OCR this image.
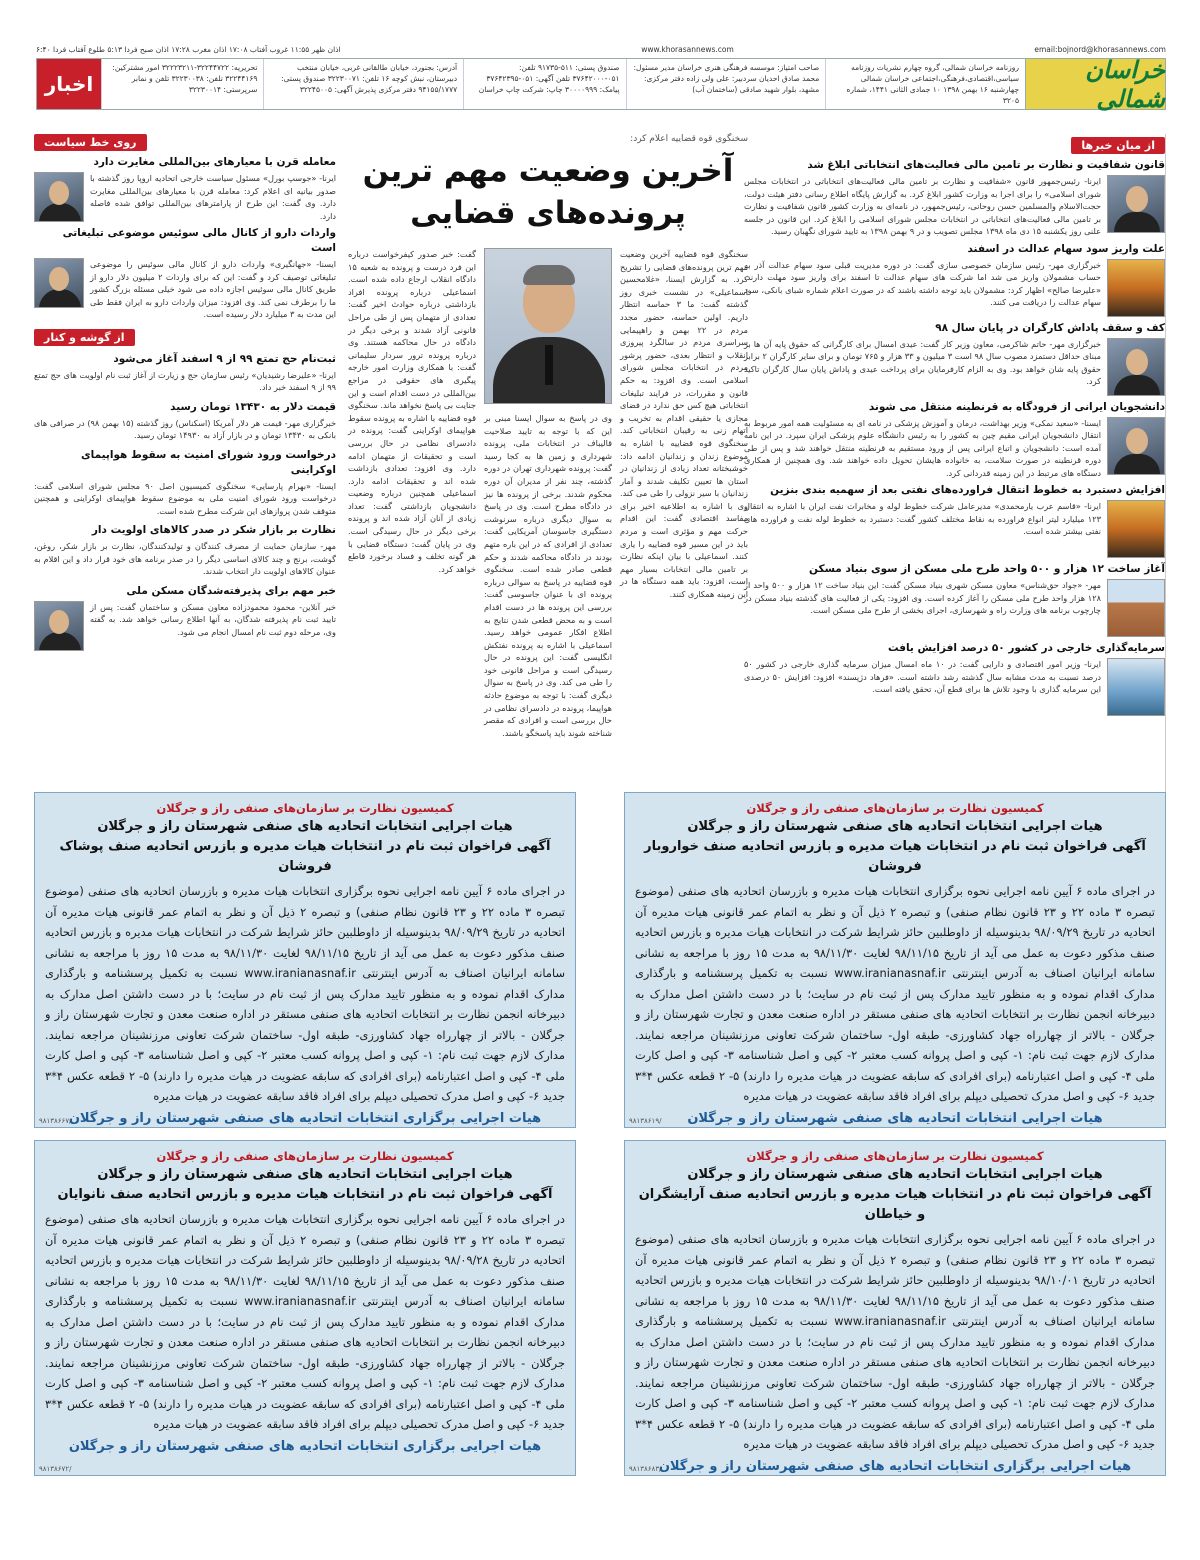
اذان ظهر ۱۱:۵۵ غروب آفتاب ۱۷:۰۸ اذان مغرب ۱۷:۲۸ اذان صبح فردا ۵:۱۳ طلوع آفتاب فردا ۶:۴۰	www.khorasannews.com	email:bojnord@khorasannews.com
خراسان شمالی
روزنامه خراسان شمالی، گروه چهارم نشریات روزنامه سیاسی،اقتصادی،فرهنگی،اجتماعی خراسان شمالی چهارشنبه ۱۶ بهمن ۱۳۹۸ ۱۰ جمادی الثانی ۱۴۴۱، شماره ۳۲۰۵
صاحب امتیاز: موسسه فرهنگی هنری خراسان مدیر مسئول: محمد صادق احدیان سردبیر: علی ولی زاده دفتر مرکزی: مشهد، بلوار شهید صادقی (ساختمان آب)
صندوق پستی: ۵۱۱-۹۱۷۳۵ تلفن: ۰۵۱-۳۷۶۴۲۰۰۰ تلفن آگهی: ۰۵۱-۳۷۶۴۲۳۹۵ پیامک: ۳۰۰۰۰۹۹۹ چاپ: شرکت چاپ خراسان
آدرس: بجنورد، خیابان طالقانی غربی، خیابان منتخب دبیرستان، نبش کوچه ۱۶ تلفن: ۳۲۲۳۰۰۷۱ صندوق پستی: ۹۴۱۵۵/۱۷۷۷ دفتر مرکزی پذیرش آگهی: ۳۲۲۴۵۰۰۵
تحریریه: ۳۲۲۴۴۷۲۲-۳۲۲۲۳۲۱۱ امور مشترکین: ۳۲۲۴۴۱۶۹ تلفن: ۳۲۲۳۰۰۳۸ تلفن و نمابر سرپرستی: ۳۲۲۳۰۰۱۴
اخبار
از میان خبرها
قانون شفافیت و نظارت بر تامین مالی فعالیت‌های انتخاباتی ابلاغ شد
ایرنا- رئیس‌جمهور قانون «شفافیت و نظارت بر تامین مالی فعالیت‌های انتخاباتی در انتخابات مجلس شورای اسلامی» را برای اجرا به وزارت کشور ابلاغ کرد. به گزارش پایگاه اطلاع رسانی دفتر هیئت دولت، حجت‌الاسلام والمسلمین حسن روحانی، رئیس‌جمهور، در نامه‌ای به وزارت کشور قانون شفافیت و نظارت بر تامین مالی فعالیت‌های انتخاباتی در انتخابات مجلس شورای اسلامی را ابلاغ کرد. این قانون در جلسه علنی روز یکشنبه ۱۵ دی ماه ۱۳۹۸ مجلس تصویب و در ۹ بهمن ۱۳۹۸ به تایید شورای نگهبان رسید.
علت واریز سود سهام عدالت در اسفند
خبرگزاری مهر- رئیس سازمان خصوصی سازی گفت: در دوره مدیریت قبلی سود سهام عدالت آذر به حساب مشمولان واریز می شد اما شرکت های سهام عدالت تا اسفند برای واریز سود مهلت دارند. «علیرضا صالح» اظهار کرد: مشمولان باید توجه داشته باشند که در صورت اعلام شماره شبای بانکی، سود سهام عدالت را دریافت می کنند.
کف و سقف پاداش کارگران در پایان سال ۹۸
خبرگزاری مهر- حاتم شاکرمی، معاون وزیر کار گفت: عیدی امسال برای کارگرانی که حقوق پایه آن ها بر مبنای حداقل دستمزد مصوب سال ۹۸ است ۳ میلیون و ۳۳ هزار و ۷۶۵ تومان و برای سایر کارگران ۲ برابر حقوق پایه شان خواهد بود. وی به الزام کارفرمایان برای پرداخت عیدی و پاداش پایان سال کارگران تاکید کرد.
دانشجویان ایرانی از فرودگاه به قرنطینه منتقل می شوند
ایسنا- «سعید نمکی» وزیر بهداشت، درمان و آموزش پزشکی در نامه ای به مسئولیت همه امور مربوط به انتقال دانشجویان ایرانی مقیم چین به کشور را به رئیس دانشگاه علوم پزشکی ایران سپرد. در این نامه آمده است: دانشجویان و اتباع ایرانی پس از ورود مستقیم به قرنطینه منتقل خواهند شد و پس از طی دوره قرنطینه در صورت سلامت، به خانواده هایشان تحویل داده خواهند شد. وی همچنین از همکاری دستگاه های مرتبط در این زمینه قدردانی کرد.
افزایش دستبرد به خطوط انتقال فراورده‌های نفتی بعد از سهمیه‌ بندی بنزین
ایرنا- «قاسم عرب یارمحمدی» مدیرعامل شرکت خطوط لوله و مخابرات نفت ایران با اشاره به انتقال ۱۲۳ میلیارد لیتر انواع فراورده به نقاط مختلف کشور گفت: دستبرد به خطوط لوله نفت و فراورده های نفتی بیشتر شده است.
آغاز ساخت ۱۲ هزار و ۵۰۰ واحد طرح ملی مسکن از سوی بنیاد مسکن
مهر- «جواد حق‌شناس» معاون مسکن شهری بنیاد مسکن گفت: این بنیاد ساخت ۱۲ هزار و ۵۰۰ واحد از ۱۲۸ هزار واحد طرح ملی مسکن را آغاز کرده است. وی افزود: یکی از فعالیت های گذشته بنیاد مسکن در چارچوب برنامه های وزارت راه و شهرسازی، اجرای بخشی از طرح ملی مسکن است.
سرمایه‌گذاری خارجی در کشور ۵۰ درصد افزایش یافت
ایرنا- وزیر امور اقتصادی و دارایی گفت: در ۱۰ ماه امسال میزان سرمایه گذاری خارجی در کشور ۵۰ درصد نسبت به مدت مشابه سال گذشته رشد داشته است. «فرهاد دژپسند» افزود: افزایش ۵۰ درصدی این سرمایه گذاری با وجود تلاش ها برای قطع آن، تحقق یافته است.
سخنگوی قوه قضاییه اعلام کرد:
آخرین وضعیت مهم ترین پرونده‌های قضایی
سخنگوی قوه قضاییه آخرین وضعیت مهم ترین پرونده‌های قضایی را تشریح کرد. به گزارش ایسنا، «غلامحسین اسماعیلی» در نشست خبری روز گذشته گفت: ما ۳ حماسه انتظار داریم. اولین حماسه، حضور مجدد مردم در ۲۲ بهمن و راهپیمایی سراسری مردم در سالگرد پیروزی انقلاب و انتظار بعدی، حضور پرشور مردم در انتخابات مجلس شورای اسلامی است. وی افزود: به حکم قانون و مقررات، در فرایند تبلیغات انتخاباتی هیچ کس حق ندارد در فضای مجازی یا حقیقی اقدام به تخریب و اتهام زنی به رقیبان انتخاباتی کند. سخنگوی قوه قضاییه با اشاره به موضوع زندان و زندانیان ادامه داد: خوشبختانه تعداد زیادی از زندانیان در استان ها تعیین تکلیف شدند و آمار زندانیان با سیر نزولی را طی می کند. وی با اشاره به اطلاعیه اخیر برای مفاسد اقتصادی گفت: این اقدام حرکت مهم و مؤثری است و مردم باید در این مسیر قوه قضاییه را یاری کنند. اسماعیلی با بیان اینکه نظارت بر تامین مالی انتخابات بسیار مهم است، افزود: باید همه دستگاه ها در این زمینه همکاری کنند.
وی در پاسخ به سوال ایسنا مبنی بر این که با توجه به تایید صلاحیت قالیباف در انتخابات ملی، پرونده شهرداری و زمین ها به کجا رسید گفت: پرونده شهرداری تهران در دوره گذشته، چند نفر از مدیران آن دوره محکوم شدند. برخی از پرونده ها نیز در دادگاه مطرح است. وی در پاسخ به سوال دیگری درباره سرنوشت دستگیری جاسوسان آمریکایی گفت: تعدادی از افرادی که در این باره متهم بودند در دادگاه محاکمه شدند و حکم قطعی صادر شده است. سخنگوی قوه قضاییه در پاسخ به سوالی درباره پرونده ای با عنوان جاسوسی گفت: بررسی این پرونده ها در دست اقدام است و به محض قطعی شدن نتایج به اطلاع افکار عمومی خواهد رسید. اسماعیلی با اشاره به پرونده نفتکش انگلیسی گفت: این پرونده در حال رسیدگی است و مراحل قانونی خود را طی می کند. وی در پاسخ به سوال دیگری گفت: با توجه به موضوع حادثه هواپیما، پرونده در دادسرای نظامی در حال بررسی است و افرادی که مقصر شناخته شوند باید پاسخگو باشند.
گفت: خبر صدور کیفرخواست درباره این فرد درست و پرونده به شعبه ۱۵ دادگاه انقلاب ارجاع داده شده است. اسماعیلی درباره پرونده افراد بازداشتی درباره حوادث اخیر گفت: تعدادی از متهمان پس از طی مراحل قانونی آزاد شدند و برخی دیگر در دادگاه در حال محاکمه هستند. وی درباره پرونده ترور سردار سلیمانی گفت: با همکاری وزارت امور خارجه پیگیری های حقوقی در مراجع بین‌المللی در دست اقدام است و این جنایت بی پاسخ نخواهد ماند. سخنگوی قوه قضاییه با اشاره به پرونده سقوط هواپیمای اوکراینی گفت: پرونده در دادسرای نظامی در حال بررسی است و تحقیقات از متهمان ادامه دارد. وی افزود: تعدادی بازداشت شده اند و تحقیقات ادامه دارد. اسماعیلی همچنین درباره وضعیت دانشجویان بازداشتی گفت: تعداد زیادی از آنان آزاد شده اند و پرونده برخی دیگر در حال رسیدگی است. وی در پایان گفت: دستگاه قضایی با هر گونه تخلف و فساد برخورد قاطع خواهد کرد.
روی خط سیاست
معامله قرن با معیارهای بین‌المللی مغایرت دارد
ایرنا- «جوسپ بورل» مسئول سیاست خارجی اتحادیه اروپا روز گذشته با صدور بیانیه ای اعلام کرد: معامله قرن با معیارهای بین‌المللی مغایرت دارد. وی گفت: این طرح از پارامترهای بین‌المللی توافق شده فاصله دارد.
واردات دارو از کانال مالی سوئیس موضوعی تبلیغاتی است
ایسنا- «جهانگیری» واردات دارو از کانال مالی سوئیس را موضوعی تبلیغاتی توصیف کرد و گفت: این که برای واردات ۲ میلیون دلار دارو از طریق کانال مالی سوئیس اجازه داده می شود خیلی مسئله بزرگ کشور ما را برطرف نمی کند. وی افزود: میزان واردات دارو به ایران فقط طی این مدت به ۳ میلیارد دلار رسیده است.
از گوشه و کنار
ثبت‌نام حج تمتع ۹۹ از ۹ اسفند آغاز می‌شود
ایرنا- «علیرضا رشیدیان» رئیس سازمان حج و زیارت از آغاز ثبت نام اولویت های حج تمتع ۹۹ از ۹ اسفند خبر داد.
قیمت دلار به ۱۳۴۳۰ تومان رسید
خبرگزاری مهر- قیمت هر دلار آمریکا (اسکناس) روز گذشته (۱۵ بهمن ۹۸) در صرافی های بانکی به ۱۳۴۳۰ تومان و در بازار آزاد به ۱۴۹۳۰ تومان رسید.
درخواست ورود شورای امنیت به سقوط هواپیمای اوکراینی
ایسنا- «بهرام پارسایی» سخنگوی کمیسیون اصل ۹۰ مجلس شورای اسلامی گفت: درخواست ورود شورای امنیت ملی به موضوع سقوط هواپیمای اوکراینی و همچنین متوقف شدن پروازهای این شرکت مطرح شده است.
نظارت بر بازار شکر در صدر کالاهای اولویت دار
مهر- سازمان حمایت از مصرف کنندگان و تولیدکنندگان، نظارت بر بازار شکر، روغن، گوشت، برنج و چند کالای اساسی دیگر را در صدر برنامه های خود قرار داد و این اقلام به عنوان کالاهای اولویت دار انتخاب شدند.
خبر مهم برای پذیرفته‌شدگان مسکن ملی
خبر آنلاین- محمود محمودزاده معاون مسکن و ساختمان گفت: پس از تایید ثبت نام پذیرفته شدگان، به آنها اطلاع رسانی خواهد شد. به گفته وی، مرحله دوم ثبت نام امسال انجام می شود.
کمیسیون نظارت بر سازمان‌های صنفی راز و جرگلان
هیات اجرایی انتخابات اتحادیه های صنفی شهرستان راز و جرگلان
آگهی فراخوان ثبت نام در انتخابات هیات مدیره و بازرس اتحادیه صنف خواروبار فروشان
در اجرای ماده ۶ آیین نامه اجرایی نحوه برگزاری انتخابات هیات مدیره و بازرسان اتحادیه های صنفی (موضوع تبصره ۳ ماده ۲۲ و ۲۳ قانون نظام صنفی) و تبصره ۲ ذیل آن و نظر به اتمام عمر قانونی هیات مدیره آن اتحادیه در تاریخ ۹۸/۰۹/۲۹ بدینوسیله از داوطلبین حائز شرایط شرکت در انتخابات هیات مدیره و بازرس اتحادیه صنف مذکور دعوت به عمل می آید از تاریخ ۹۸/۱۱/۱۵ لغایت ۹۸/۱۱/۳۰ به مدت ۱۵ روز با مراجعه به نشانی سامانه ایرانیان اصناف به آدرس اینترنتی www.iranianasnaf.ir نسبت به تکمیل پرسشنامه و بارگذاری مدارک اقدام نموده و به منظور تایید مدارک پس از ثبت نام در سایت؛ با در دست داشتن اصل مدارک به دبیرخانه انجمن نظارت بر انتخابات اتحادیه های صنفی مستقر در اداره صنعت معدن و تجارت شهرستان راز و جرگلان - بالاتر از چهارراه جهاد کشاورزی- طبقه اول- ساختمان شرکت تعاونی مرزنشینان مراجعه نمایند. مدارک لازم جهت ثبت نام: ۱- کپی و اصل پروانه کسب معتبر ۲- کپی و اصل شناسنامه ۳- کپی و اصل کارت ملی ۴- کپی و اصل اعتبارنامه (برای افرادی که سابقه عضویت در هیات مدیره را دارند) ۵- ۲ قطعه عکس ۴*۳ جدید ۶- کپی و اصل مدرک تحصیلی دیپلم برای افراد فاقد سابقه عضویت در هیات مدیره
هیات اجرایی انتخابات اتحادیه های صنفی شهرستان راز و جرگلان
۹۸۱۳۸۶۱۹/
کمیسیون نظارت بر سازمان‌های صنفی راز و جرگلان
هیات اجرایی انتخابات اتحادیه های صنفی شهرستان راز و جرگلان
آگهی فراخوان ثبت نام در انتخابات هیات مدیره و بازرس اتحادیه صنف پوشاک فروشان
در اجرای ماده ۶ آیین نامه اجرایی نحوه برگزاری انتخابات هیات مدیره و بازرسان اتحادیه های صنفی (موضوع تبصره ۳ ماده ۲۲ و ۲۳ قانون نظام صنفی) و تبصره ۲ ذیل آن و نظر به اتمام عمر قانونی هیات مدیره آن اتحادیه در تاریخ ۹۸/۰۹/۲۹ بدینوسیله از داوطلبین حائز شرایط شرکت در انتخابات هیات مدیره و بازرس اتحادیه صنف مذکور دعوت به عمل می آید از تاریخ ۹۸/۱۱/۱۵ لغایت ۹۸/۱۱/۳۰ به مدت ۱۵ روز با مراجعه به نشانی سامانه ایرانیان اصناف به آدرس اینترنتی www.iranianasnaf.ir نسبت به تکمیل پرسشنامه و بارگذاری مدارک اقدام نموده و به منظور تایید مدارک پس از ثبت نام در سایت؛ با در دست داشتن اصل مدارک به دبیرخانه انجمن نظارت بر انتخابات اتحادیه های صنفی مستقر در اداره صنعت معدن و تجارت شهرستان راز و جرگلان - بالاتر از چهارراه جهاد کشاورزی- طبقه اول- ساختمان شرکت تعاونی مرزنشینان مراجعه نمایند. مدارک لازم جهت ثبت نام: ۱- کپی و اصل پروانه کسب معتبر ۲- کپی و اصل شناسنامه ۳- کپی و اصل کارت ملی ۴- کپی و اصل اعتبارنامه (برای افرادی که سابقه عضویت در هیات مدیره را دارند) ۵- ۲ قطعه عکس ۴*۳ جدید ۶- کپی و اصل مدرک تحصیلی دیپلم برای افراد فاقد سابقه عضویت در هیات مدیره
هیات اجرایی برگزاری انتخابات اتحادیه های صنفی شهرستان راز و جرگلان
۹۸۱۳۸۶۶۷/
کمیسیون نظارت بر سازمان‌های صنفی راز و جرگلان
هیات اجرایی انتخابات اتحادیه های صنفی شهرستان راز و جرگلان
آگهی فراخوان ثبت نام در انتخابات هیات مدیره و بازرس اتحادیه صنف آرایشگران و خیاطان
در اجرای ماده ۶ آیین نامه اجرایی نحوه برگزاری انتخابات هیات مدیره و بازرسان اتحادیه های صنفی (موضوع تبصره ۳ ماده ۲۲ و ۲۳ قانون نظام صنفی) و تبصره ۲ ذیل آن و نظر به اتمام عمر قانونی هیات مدیره آن اتحادیه در تاریخ ۹۸/۱۰/۰۱ بدینوسیله از داوطلبین حائز شرایط شرکت در انتخابات هیات مدیره و بازرس اتحادیه صنف مذکور دعوت به عمل می آید از تاریخ ۹۸/۱۱/۱۵ لغایت ۹۸/۱۱/۳۰ به مدت ۱۵ روز با مراجعه به نشانی سامانه ایرانیان اصناف به آدرس اینترنتی www.iranianasnaf.ir نسبت به تکمیل پرسشنامه و بارگذاری مدارک اقدام نموده و به منظور تایید مدارک پس از ثبت نام در سایت؛ با در دست داشتن اصل مدارک به دبیرخانه انجمن نظارت بر انتخابات اتحادیه های صنفی مستقر در اداره صنعت معدن و تجارت شهرستان راز و جرگلان - بالاتر از چهارراه جهاد کشاورزی- طبقه اول- ساختمان شرکت تعاونی مرزنشینان مراجعه نمایند. مدارک لازم جهت ثبت نام: ۱- کپی و اصل پروانه کسب معتبر ۲- کپی و اصل شناسنامه ۳- کپی و اصل کارت ملی ۴- کپی و اصل اعتبارنامه (برای افرادی که سابقه عضویت در هیات مدیره را دارند) ۵- ۲ قطعه عکس ۴*۳ جدید ۶- کپی و اصل مدرک تحصیلی دیپلم برای افراد فاقد سابقه عضویت در هیات مدیره
هیات اجرایی برگزاری انتخابات اتحادیه های صنفی شهرستان راز و جرگلان
۹۸۱۳۸۶۸۳/
کمیسیون نظارت بر سازمان‌های صنفی راز و جرگلان
هیات اجرایی انتخابات اتحادیه های صنفی شهرستان راز و جرگلان
آگهی فراخوان ثبت نام در انتخابات هیات مدیره و بازرس اتحادیه صنف نانوایان
در اجرای ماده ۶ آیین نامه اجرایی نحوه برگزاری انتخابات هیات مدیره و بازرسان اتحادیه های صنفی (موضوع تبصره ۳ ماده ۲۲ و ۲۳ قانون نظام صنفی) و تبصره ۲ ذیل آن و نظر به اتمام عمر قانونی هیات مدیره آن اتحادیه در تاریخ ۹۸/۰۹/۲۸ بدینوسیله از داوطلبین حائز شرایط شرکت در انتخابات هیات مدیره و بازرس اتحادیه صنف مذکور دعوت به عمل می آید از تاریخ ۹۸/۱۱/۱۵ لغایت ۹۸/۱۱/۳۰ به مدت ۱۵ روز با مراجعه به نشانی سامانه ایرانیان اصناف به آدرس اینترنتی www.iranianasnaf.ir نسبت به تکمیل پرسشنامه و بارگذاری مدارک اقدام نموده و به منظور تایید مدارک پس از ثبت نام در سایت؛ با در دست داشتن اصل مدارک به دبیرخانه انجمن نظارت بر انتخابات اتحادیه های صنفی مستقر در اداره صنعت معدن و تجارت شهرستان راز و جرگلان - بالاتر از چهارراه جهاد کشاورزی- طبقه اول- ساختمان شرکت تعاونی مرزنشینان مراجعه نمایند. مدارک لازم جهت ثبت نام: ۱- کپی و اصل پروانه کسب معتبر ۲- کپی و اصل شناسنامه ۳- کپی و اصل کارت ملی ۴- کپی و اصل اعتبارنامه (برای افرادی که سابقه عضویت در هیات مدیره را دارند) ۵- ۲ قطعه عکس ۴*۳ جدید ۶- کپی و اصل مدرک تحصیلی دیپلم برای افراد فاقد سابقه عضویت در هیات مدیره
هیات اجرایی برگزاری انتخابات اتحادیه های صنفی شهرستان راز و جرگلان
۹۸۱۳۸۶۷۲/
